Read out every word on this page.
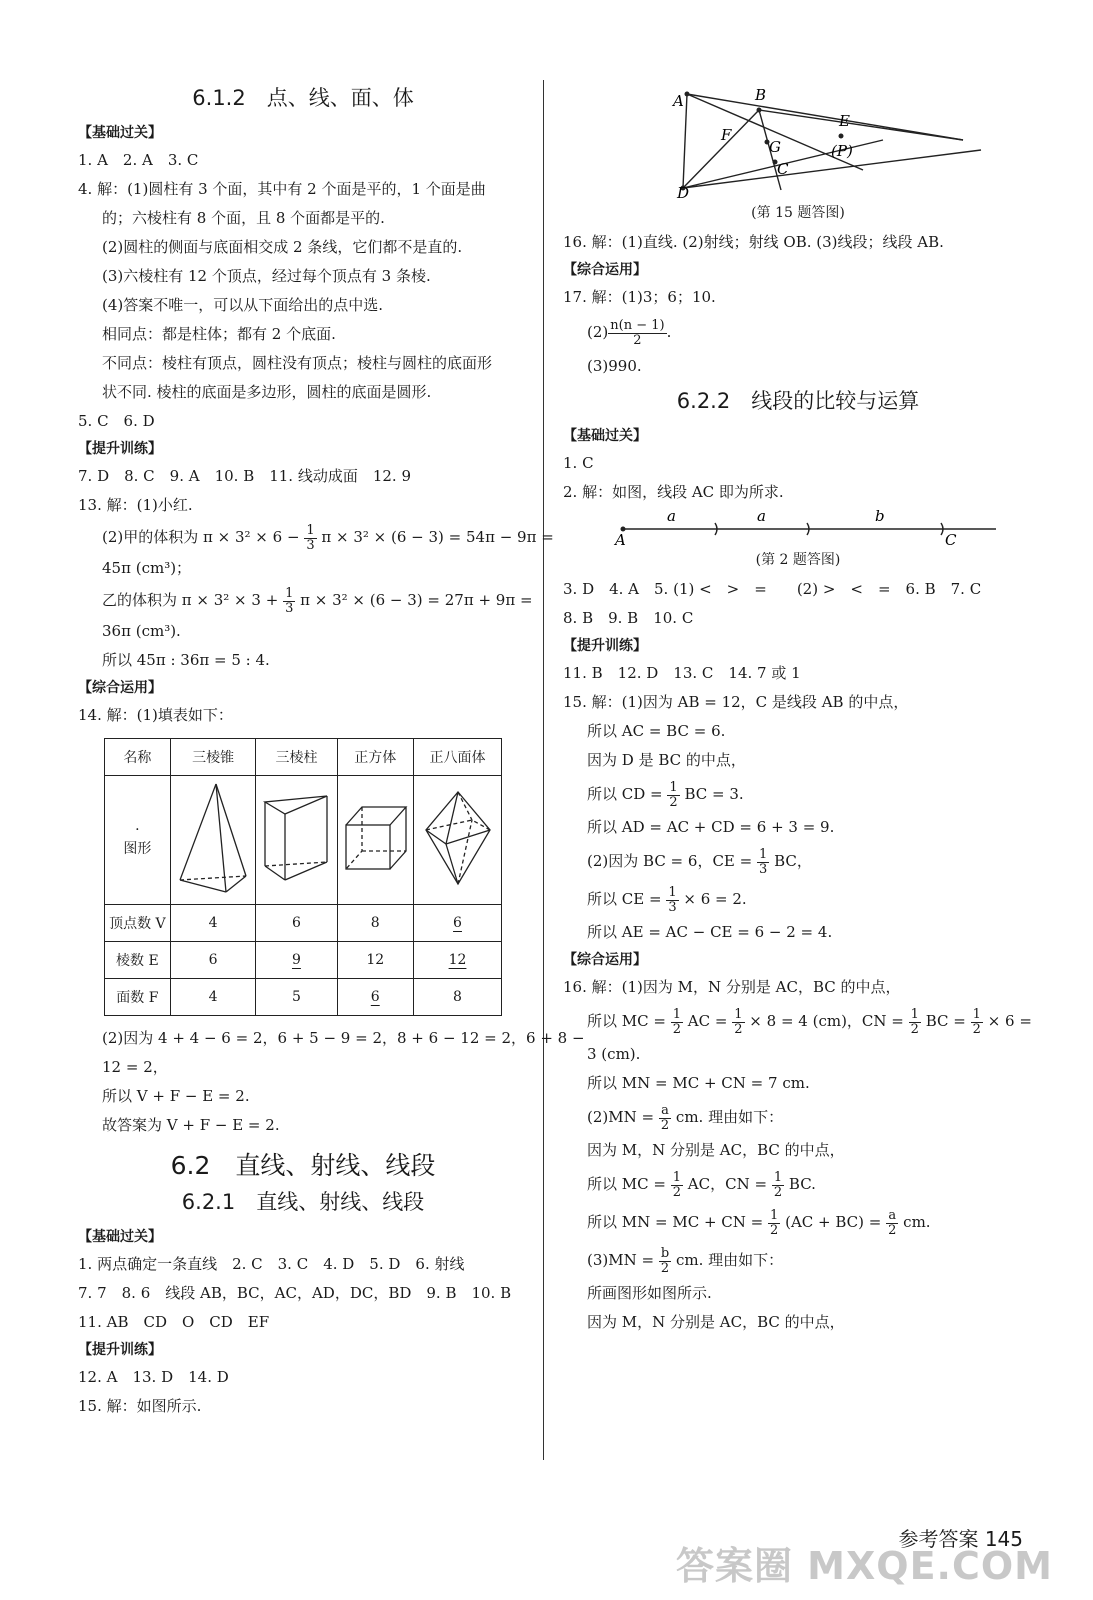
6.1.2　点、线、面、体
【基础过关】
1. A　2. A　3. C
4. 解：(1)圆柱有 3 个面，其中有 2 个面是平的，1 个面是曲
的；六棱柱有 8 个面，且 8 个面都是平的.
(2)圆柱的侧面与底面相交成 2 条线，它们都不是直的.
(3)六棱柱有 12 个顶点，经过每个顶点有 3 条棱.
(4)答案不唯一，可以从下面给出的点中选.
相同点：都是柱体；都有 2 个底面.
不同点：棱柱有顶点，圆柱没有顶点；棱柱与圆柱的底面形
状不同. 棱柱的底面是多边形，圆柱的底面是圆形.
5. C　6. D
【提升训练】
7. D　8. C　9. A　10. B　11. 线动成面　12. 9
13. 解：(1)小红.
(2)甲的体积为 $\pi \times 3^2 \times 6 - \frac{1}{3}$ π × 3² × (6 − 3) = 54π − 9π =
45π (cm³)；
乙的体积为 $\pi \times 3^2 \times 3 + \frac{1}{3}$ π × 3² × (6 − 3) = 27π + 9π =
36π (cm³).
所以 45π : 36π = 5 : 4.
【综合运用】
14. 解：(1)填表如下：
名称	三棱锥	三棱柱	正方体	正八面体

·
图形

顶点数 V	4	6	8	6
棱数 E	6	9	12	12
面数 F	4	5	6	8
(2)因为 4 + 4 − 6 = 2，6 + 5 − 9 = 2，8 + 6 − 12 = 2，6 + 8 −
12 = 2，
所以 V + F − E = 2.
故答案为 V + F − E = 2.
6.2　直线、射线、线段
6.2.1　直线、射线、线段
【基础过关】
1. 两点确定一条直线　2. C　3. C　4. D　5. D　6. 射线
7. 7　8. 6　线段 AB，BC，AC，AD，DC，BD　9. B　10. B
11. AB　CD　O　CD　EF
【提升训练】
12. A　13. D　14. D
15. 解：如图所示.
A	B
E
F
G
C
(P)
D
(第 15 题答图)
16. 解：(1)直线. (2)射线；射线 OB. (3)线段；线段 AB.
【综合运用】
17. 解：(1)3；6；10.
$(2) \frac{n(n - 1)}{2}$ .
(3)990.
6.2.2　线段的比较与运算
【基础过关】
1. C
2. 解：如图，线段 AC 即为所求.
A
a	a	b
C
(第 2 题答图)
3. D　4. A　5. (1) <　>　=　　(2) >　<　=　6. B　7. C
8. B　9. B　10. C
【提升训练】
11. B　12. D　13. C　14. 7 或 1
15. 解：(1)因为 AB = 12，C 是线段 AB 的中点，
所以 AC = BC = 6.
因为 D 是 BC 的中点，
所以 CD = $\frac{1}{2}$ BC = 3.
所以 AD = AC + CD = 6 + 3 = 9.
(2)因为 BC = 6，CE = $\frac{1}{3}$ BC，
所以 CE = $\frac{1}{3} \times 6 = 2$.
所以 AE = AC − CE = 6 − 2 = 4.
【综合运用】
16. 解：(1)因为 M，N 分别是 AC，BC 的中点，
所以 MC = $\frac{1}{2}$ AC = $\frac{1}{2} \times 8 = 4$ (cm)，CN = $\frac{1}{2}$ BC = $\frac{1}{2} \times 6$ =
3 (cm).
所以 MN = MC + CN = 7 cm.
$(2)MN = \frac{a}{2}$ cm. 理由如下：
因为 M，N 分别是 AC，BC 的中点，
所以 MC = $\frac{1}{2}$ AC，CN = $\frac{1}{2}$ BC.
所以 MN = MC + CN = $\frac{1}{2} (AC + BC) = \frac{a}{2}$ cm.
$(3)MN = \frac{b}{2}$ cm. 理由如下：
所画图形如图所示.
因为 M，N 分别是 AC，BC 的中点，
参考答案 145
答案圈 MXQE.COM
